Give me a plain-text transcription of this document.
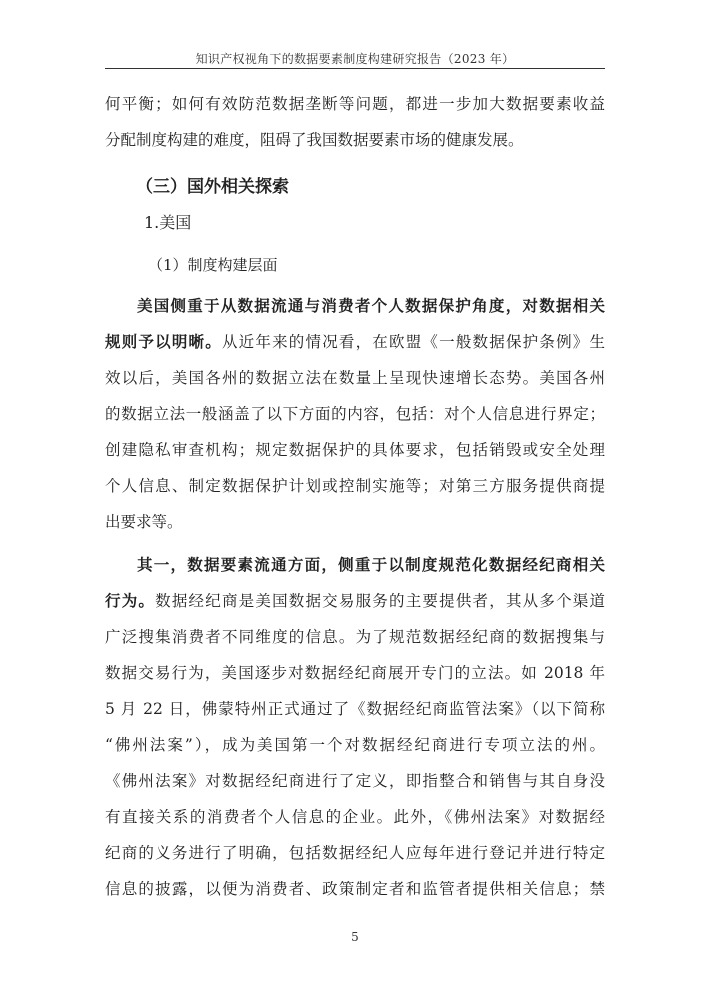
知识产权视角下的数据要素制度构建研究报告（2023 年）

何平衡；如何有效防范数据垄断等问题，都进一步加大数据要素收益

分配制度构建的难度，阻碍了我国数据要素市场的健康发展。

（三）国外相关探索

1.美国

（1）制度构建层面

美国侧重于从数据流通与消费者个人数据保护角度，对数据相关

规则予以明晰。从近年来的情况看，在欧盟《一般数据保护条例》生

效以后，美国各州的数据立法在数量上呈现快速增长态势。美国各州

的数据立法一般涵盖了以下方面的内容，包括：对个人信息进行界定；

创建隐私审查机构；规定数据保护的具体要求，包括销毁或安全处理

个人信息、制定数据保护计划或控制实施等；对第三方服务提供商提

出要求等。

其一，数据要素流通方面，侧重于以制度规范化数据经纪商相关

行为。数据经纪商是美国数据交易服务的主要提供者，其从多个渠道

广泛搜集消费者不同维度的信息。为了规范数据经纪商的数据搜集与

数据交易行为，美国逐步对数据经纪商展开专门的立法。如 2018 年

5 月 22 日，佛蒙特州正式通过了《数据经纪商监管法案》（以下简称

“佛州法案”），成为美国第一个对数据经纪商进行专项立法的州。

《佛州法案》对数据经纪商进行了定义，即指整合和销售与其自身没

有直接关系的消费者个人信息的企业。此外，《佛州法案》对数据经

纪商的义务进行了明确，包括数据经纪人应每年进行登记并进行特定

信息的披露，以便为消费者、政策制定者和监管者提供相关信息；禁

5
